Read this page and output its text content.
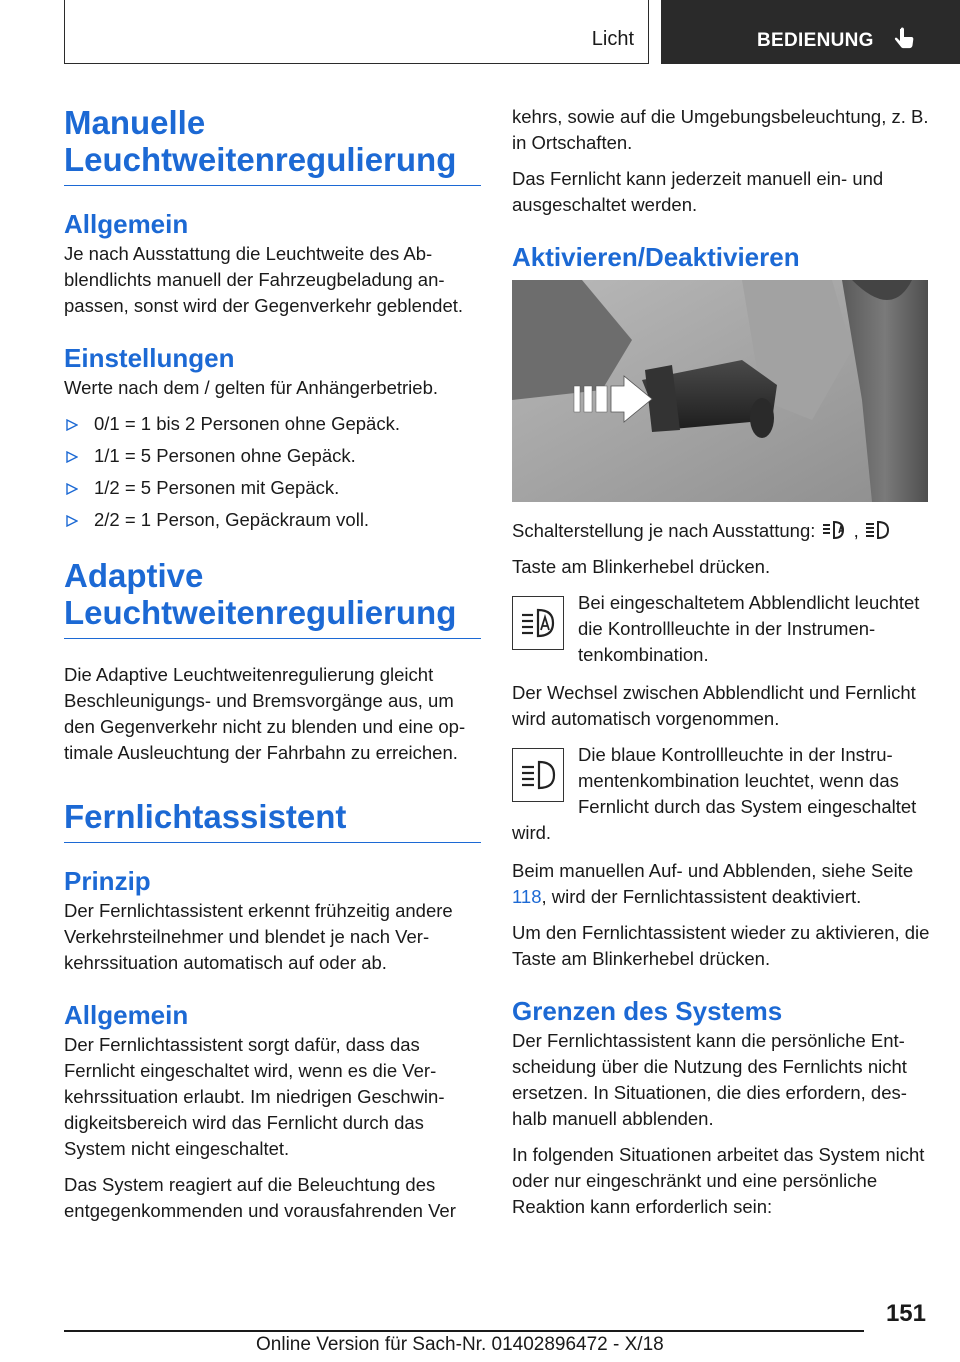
Licht	BEDIENUNG
Manuelle Leuchtweitenregulierung
Allgemein

Je nach Ausstattung die Leuchtweite des Abblendlichts manuell der Fahrzeugbeladung anpassen, sonst wird der Gegenverkehr geblendet.

Einstellungen

Werte nach dem / gelten für Anhängerbetrieb.

0/1 = 1 bis 2 Personen ohne Gepäck.
1/1 = 5 Personen ohne Gepäck.
1/2 = 5 Personen mit Gepäck.
2/2 = 1 Person, Gepäckraum voll.
Adaptive Leuchtweitenregulierung

Die Adaptive Leuchtweitenregulierung gleicht Beschleunigungs- und Bremsvorgänge aus, um den Gegenverkehr nicht zu blenden und eine optimale Ausleuchtung der Fahrbahn zu erreichen.

Fernlichtassistent
Prinzip

Der Fernlichtassistent erkennt frühzeitig andere Verkehrsteilnehmer und blendet je nach Verkehrssituation automatisch auf oder ab.

Allgemein

Der Fernlichtassistent sorgt dafür, dass das Fernlicht eingeschaltet wird, wenn es die Verkehrssituation erlaubt. Im niedrigen Geschwindigkeitsbereich wird das Fernlicht durch das System nicht eingeschaltet.

Das System reagiert auf die Beleuchtung des entgegenkommenden und vorausfahrenden Ver

kehrs, sowie auf die Umgebungsbeleuchtung, z. B. in Ortschaften.

Das Fernlicht kann jederzeit manuell ein- und ausgeschaltet werden.

Aktivieren/Deaktivieren

Schalterstellung je nach Ausstattung: ,

Taste am Blinkerhebel drücken.

Bei eingeschaltetem Abblendlicht leuchtet die Kontrollleuchte in der Instrumentenkombination.

Der Wechsel zwischen Abblendlicht und Fernlicht wird automatisch vorgenommen.

Die blaue Kontrollleuchte in der Instrumentenkombination leuchtet, wenn das Fernlicht durch das System eingeschaltet wird.

Beim manuellen Auf- und Abblenden, siehe Seite 118, wird der Fernlichtassistent deaktiviert.

Um den Fernlichtassistent wieder zu aktivieren, die Taste am Blinkerhebel drücken.

Grenzen des Systems

Der Fernlichtassistent kann die persönliche Entscheidung über die Nutzung des Fernlichts nicht ersetzen. In Situationen, die dies erfordern, deshalb manuell abblenden.

In folgenden Situationen arbeitet das System nicht oder nur eingeschränkt und eine persönliche Reaktion kann erforderlich sein:

151
Online Version für Sach-Nr. 01402896472 - X/18
